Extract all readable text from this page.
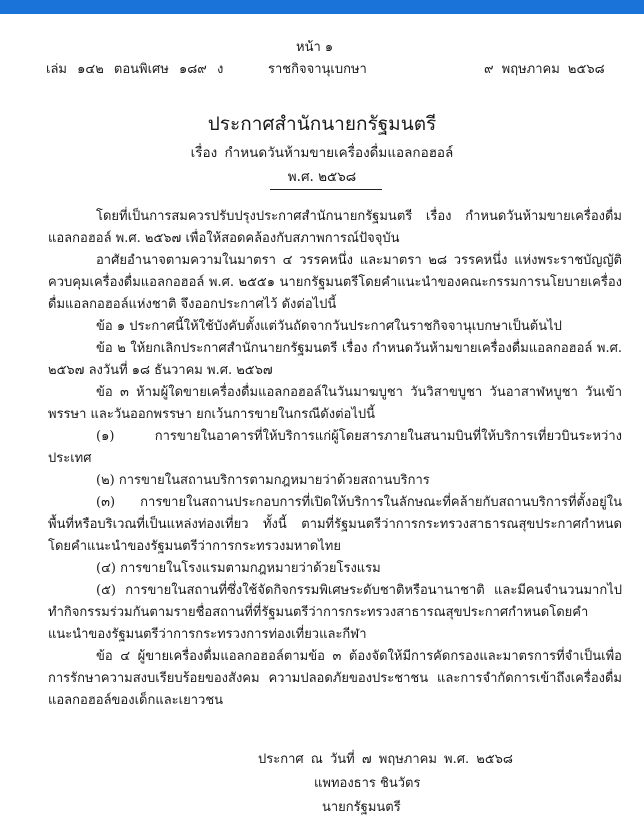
หน้า ๑
เล่ม ๑๔๒ ตอนพิเศษ ๑๘๙ ง	ราชกิจจานุเบกษา	๙ พฤษภาคม ๒๕๖๘
ประกาศสำนักนายกรัฐมนตรี
เรื่อง กำหนดวันห้ามขายเครื่องดื่มแอลกอฮอล์
พ.ศ. ๒๕๖๘

โดยที่เป็นการสมควรปรับปรุงประกาศสำนักนายกรัฐมนตรี เรื่อง กำหนดวันห้ามขายเครื่องดื่มแอลกอฮอล์ พ.ศ. ๒๕๖๗ เพื่อให้สอดคล้องกับสภาพการณ์ปัจจุบัน

อาศัยอำนาจตามความในมาตรา ๔ วรรคหนึ่ง และมาตรา ๒๘ วรรคหนึ่ง แห่งพระราชบัญญัติควบคุมเครื่องดื่มแอลกอฮอล์ พ.ศ. ๒๕๕๑ นายกรัฐมนตรีโดยคำแนะนำของคณะกรรมการนโยบายเครื่องดื่มแอลกอฮอล์แห่งชาติ จึงออกประกาศไว้ ดังต่อไปนี้

ข้อ ๑ ประกาศนี้ให้ใช้บังคับตั้งแต่วันถัดจากวันประกาศในราชกิจจานุเบกษาเป็นต้นไป

ข้อ ๒ ให้ยกเลิกประกาศสำนักนายกรัฐมนตรี เรื่อง กำหนดวันห้ามขายเครื่องดื่มแอลกอฮอล์ พ.ศ. ๒๕๖๗ ลงวันที่ ๑๘ ธันวาคม พ.ศ. ๒๕๖๗

ข้อ ๓ ห้ามผู้ใดขายเครื่องดื่มแอลกอฮอล์ในวันมาฆบูชา วันวิสาขบูชา วันอาสาฬหบูชา วันเข้าพรรษา และวันออกพรรษา ยกเว้นการขายในกรณีดังต่อไปนี้

(๑) การขายในอาคารที่ให้บริการแก่ผู้โดยสารภายในสนามบินที่ให้บริการเที่ยวบินระหว่างประเทศ

(๒) การขายในสถานบริการตามกฎหมายว่าด้วยสถานบริการ

(๓) การขายในสถานประกอบการที่เปิดให้บริการในลักษณะที่คล้ายกับสถานบริการที่ตั้งอยู่ในพื้นที่หรือบริเวณที่เป็นแหล่งท่องเที่ยว ทั้งนี้ ตามที่รัฐมนตรีว่าการกระทรวงสาธารณสุขประกาศกำหนดโดยคำแนะนำของรัฐมนตรีว่าการกระทรวงมหาดไทย

(๔) การขายในโรงแรมตามกฎหมายว่าด้วยโรงแรม

(๕) การขายในสถานที่ซึ่งใช้จัดกิจกรรมพิเศษระดับชาติหรือนานาชาติ และมีคนจำนวนมากไปทำกิจกรรมร่วมกันตามรายชื่อสถานที่ที่รัฐมนตรีว่าการกระทรวงสาธารณสุขประกาศกำหนดโดยคำแนะนำของรัฐมนตรีว่าการกระทรวงการท่องเที่ยวและกีฬา

ข้อ ๔ ผู้ขายเครื่องดื่มแอลกอฮอล์ตามข้อ ๓ ต้องจัดให้มีการคัดกรองและมาตรการที่จำเป็นเพื่อการรักษาความสงบเรียบร้อยของสังคม ความปลอดภัยของประชาชน และการจำกัดการเข้าถึงเครื่องดื่มแอลกอฮอล์ของเด็กและเยาวชน

ประกาศ ณ วันที่ ๗ พฤษภาคม พ.ศ. ๒๕๖๘
แพทองธาร ชินวัตร
นายกรัฐมนตรี
